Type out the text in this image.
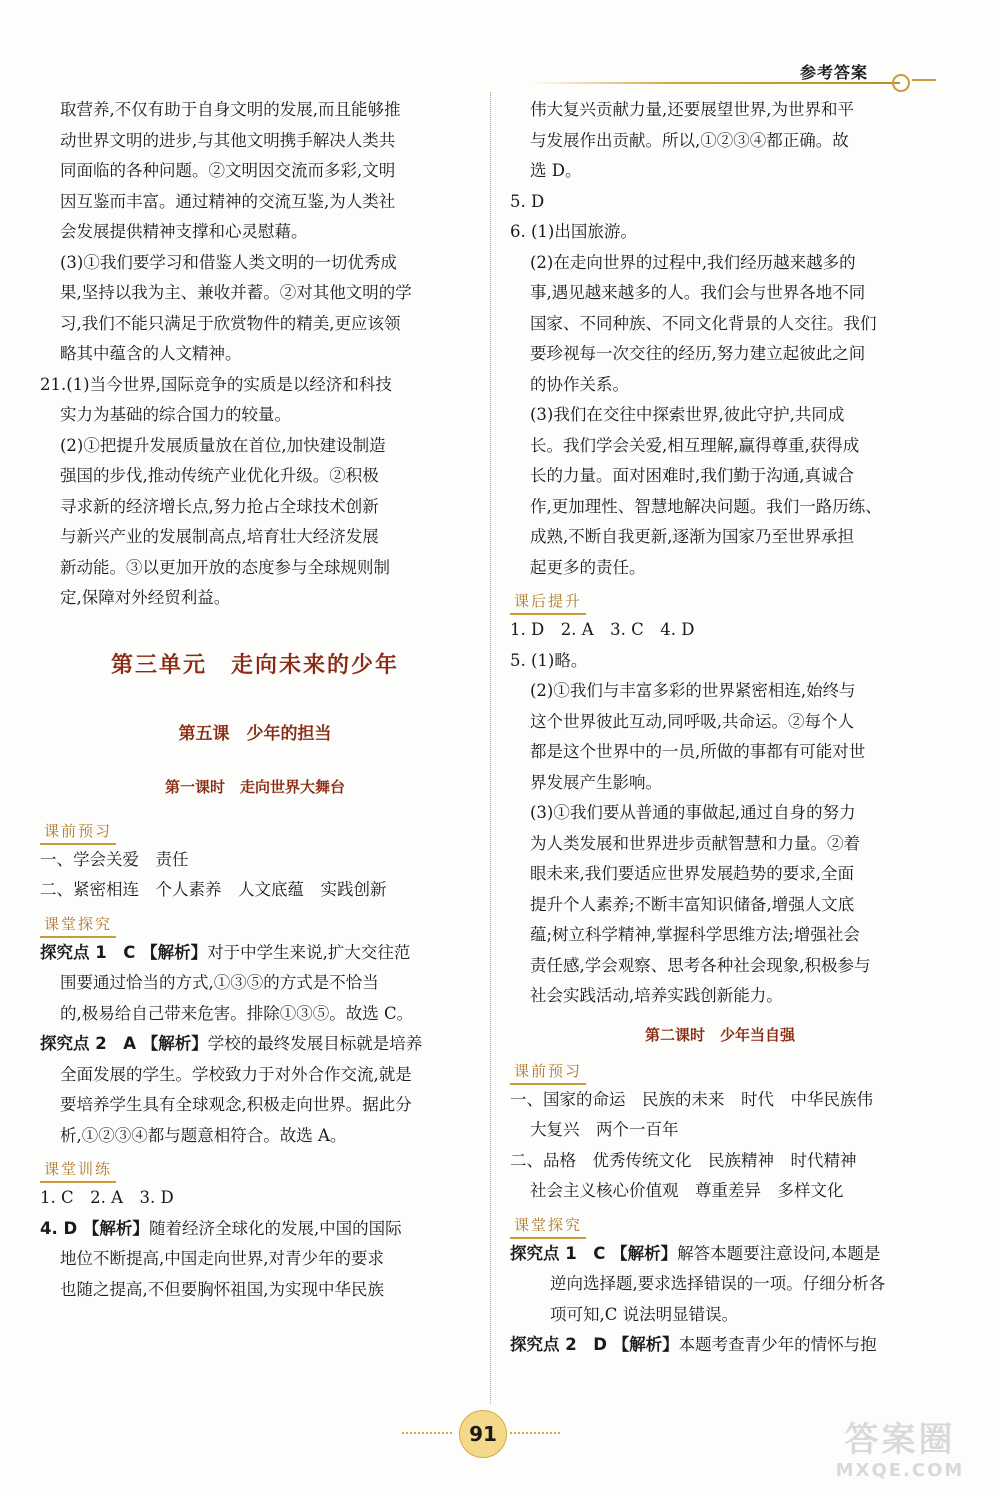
参考答案

取营养,不仅有助于自身文明的发展,而且能够推

动世界文明的进步,与其他文明携手解决人类共

同面临的各种问题。②文明因交流而多彩,文明

因互鉴而丰富。通过精神的交流互鉴,为人类社

会发展提供精神支撑和心灵慰藉。

(3)①我们要学习和借鉴人类文明的一切优秀成

果,坚持以我为主、兼收并蓄。②对其他文明的学

习,我们不能只满足于欣赏物件的精美,更应该领

略其中蕴含的人文精神。

21.(1)当今世界,国际竞争的实质是以经济和科技

实力为基础的综合国力的较量。

(2)①把提升发展质量放在首位,加快建设制造

强国的步伐,推动传统产业优化升级。②积极

寻求新的经济增长点,努力抢占全球技术创新

与新兴产业的发展制高点,培育壮大经济发展

新动能。③以更加开放的态度参与全球规则制

定,保障对外经贸利益。

第三单元　走向未来的少年
第五课　少年的担当
第一课时　走向世界大舞台
课前预习

一、学会关爱　责任

二、紧密相连　个人素养　人文底蕴　实践创新

课堂探究

探究点 1　C 【解析】对于中学生来说,扩大交往范

围要通过恰当的方式,①③⑤的方式是不恰当

的,极易给自己带来危害。排除①③⑤。故选 C。

探究点 2　A 【解析】学校的最终发展目标就是培养

全面发展的学生。学校致力于对外合作交流,就是

要培养学生具有全球观念,积极走向世界。据此分

析,①②③④都与题意相符合。故选 A。

课堂训练

1. C　2. A　3. D

4. D 【解析】随着经济全球化的发展,中国的国际

地位不断提高,中国走向世界,对青少年的要求

也随之提高,不但要胸怀祖国,为实现中华民族

伟大复兴贡献力量,还要展望世界,为世界和平

与发展作出贡献。所以,①②③④都正确。故

选 D。

5. D

6. (1)出国旅游。

(2)在走向世界的过程中,我们经历越来越多的

事,遇见越来越多的人。我们会与世界各地不同

国家、不同种族、不同文化背景的人交往。我们

要珍视每一次交往的经历,努力建立起彼此之间

的协作关系。

(3)我们在交往中探索世界,彼此守护,共同成

长。我们学会关爱,相互理解,赢得尊重,获得成

长的力量。面对困难时,我们勤于沟通,真诚合

作,更加理性、智慧地解决问题。我们一路历练、

成熟,不断自我更新,逐渐为国家乃至世界承担

起更多的责任。

课后提升

1. D　2. A　3. C　4. D

5. (1)略。

(2)①我们与丰富多彩的世界紧密相连,始终与

这个世界彼此互动,同呼吸,共命运。②每个人

都是这个世界中的一员,所做的事都有可能对世

界发展产生影响。

(3)①我们要从普通的事做起,通过自身的努力

为人类发展和世界进步贡献智慧和力量。②着

眼未来,我们要适应世界发展趋势的要求,全面

提升个人素养;不断丰富知识储备,增强人文底

蕴;树立科学精神,掌握科学思维方法;增强社会

责任感,学会观察、思考各种社会现象,积极参与

社会实践活动,培养实践创新能力。

第二课时　少年当自强
课前预习

一、国家的命运　民族的未来　时代　中华民族伟

大复兴　两个一百年

二、品格　优秀传统文化　民族精神　时代精神

社会主义核心价值观　尊重差异　多样文化

课堂探究

探究点 1　C 【解析】解答本题要注意设问,本题是

逆向选择题,要求选择错误的一项。仔细分析各

项可知,C 说法明显错误。

探究点 2　D 【解析】本题考查青少年的情怀与抱

91	答案圈
MXQE.COM
